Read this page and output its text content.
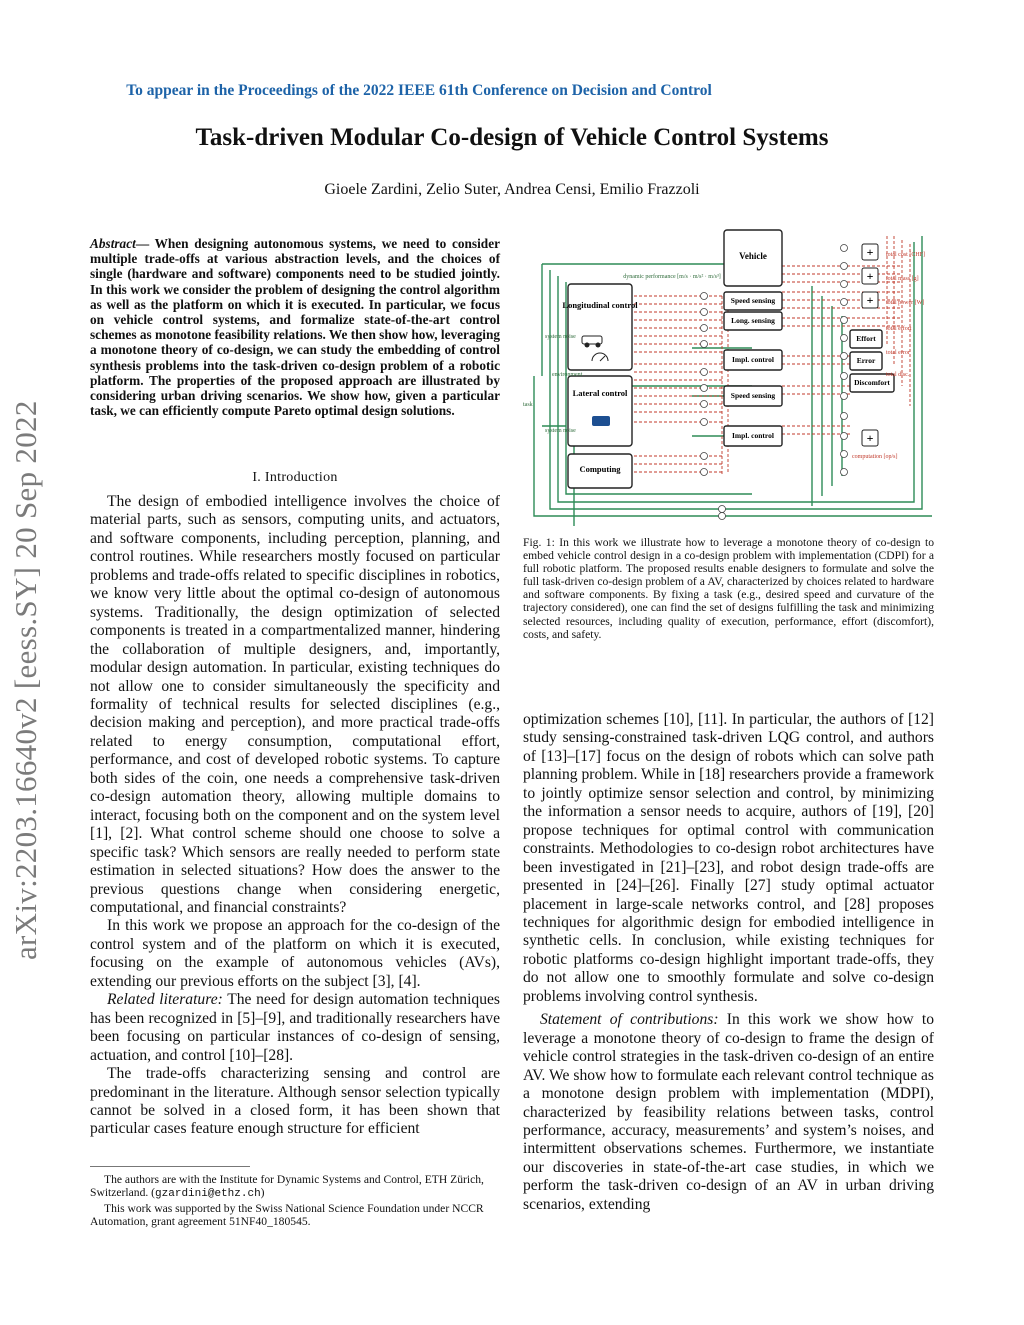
To appear in the Proceedings of the 2022 IEEE 61th Conference on Decision and Control
Task-driven Modular Co-design of Vehicle Control Systems
Gioele Zardini, Zelio Suter, Andrea Censi, Emilio Frazzoli
arXiv:2203.16640v2 [eess.SY] 20 Sep 2022
Abstract— When designing autonomous systems, we need to consider multiple trade-offs at various abstraction levels, and the choices of single (hardware and software) components need to be studied jointly. In this work we consider the problem of designing the control algorithm as well as the platform on which it is executed. In particular, we focus on vehicle control systems, and formalize state-of-the-art control schemes as monotone feasibility relations. We then show how, leveraging a monotone theory of co-design, we can study the embedding of control synthesis problems into the task-driven co-design problem of a robotic platform. The properties of the proposed approach are illustrated by considering urban driving scenarios. We show how, given a particular task, we can efficiently compute Pareto optimal design solutions.
I. Introduction

The design of embodied intelligence involves the choice of material parts, such as sensors, computing units, and actuators, and software components, including perception, planning, and control routines. While researchers mostly focused on particular problems and trade-offs related to specific disciplines in robotics, we know very little about the optimal co-design of autonomous systems. Traditionally, the design optimization of selected components is treated in a compartmentalized manner, hindering the collaboration of multiple designers, and, importantly, modular design automation. In particular, existing techniques do not allow one to consider simultaneously the specificity and formality of technical results for selected disciplines (e.g., decision making and perception), and more practical trade-offs related to energy consumption, computational effort, performance, and cost of developed robotic systems. To capture both sides of the coin, one needs a comprehensive task-driven co-design automation theory, allowing multiple domains to interact, focusing both on the component and on the system level [1], [2]. What control scheme should one choose to solve a specific task? Which sensors are really needed to perform state estimation in selected situations? How does the answer to the previous questions change when considering energetic, computational, and financial constraints?

In this work we propose an approach for the co-design of the control system and of the platform on which it is executed, focusing on the example of autonomous vehicles (AVs), extending our previous efforts on the subject [3], [4].

Related literature: The need for design automation techniques has been recognized in [5]–[9], and traditionally researchers have been focusing on particular instances of co-design of sensing, actuation, and control [10]–[28].

The trade-offs characterizing sensing and control are predominant in the literature. Although sensor selection typically cannot be solved in a closed form, it has been shown that particular cases feature enough structure for efficient

The authors are with the Institute for Dynamic Systems and Control, ETH Zürich, Switzerland. (gzardini@ethz.ch)

This work was supported by the Swiss National Science Foundation under NCCR Automation, grant agreement 51NF40_180545.

Vehicle
Longitudinal control
Lateral control
Computing
Speed sensing
Long. sensing
Impl. control
Speed sensing
Impl. control
Effort
Error
Discomfort
+
+
+
+
dynamic performance [m/s · m/s² · m/s³]
system noise
system noise
environment
task
total cost [CHF]
total mass [g]
total power [W]
total effort
total error
total disc.
computation [op/s]
Fig. 1: In this work we illustrate how to leverage a monotone theory of co-design to embed vehicle control design in a co-design problem with implementation (CDPI) for a full robotic platform. The proposed results enable designers to formulate and solve the full task-driven co-design problem of a AV, characterized by choices related to hardware and software components. By fixing a task (e.g., desired speed and curvature of the trajectory considered), one can find the set of designs fulfilling the task and minimizing selected resources, including quality of execution, performance, effort (discomfort), costs, and safety.

optimization schemes [10], [11]. In particular, the authors of [12] study sensing-constrained task-driven LQG control, and authors of [13]–[17] focus on the design of robots which can solve path planning problem. While in [18] researchers provide a framework to jointly optimize sensor selection and control, by minimizing the information a sensor needs to acquire, authors of [19], [20] propose techniques for optimal control with communication constraints. Methodologies to co-design robot architectures have been investigated in [21]–[23], and robot design trade-offs are presented in [24]–[26]. Finally [27] study optimal actuator placement in large-scale networks control, and [28] proposes techniques for algorithmic design for embodied intelligence in synthetic cells. In conclusion, while existing techniques for robotic platforms co-design highlight important trade-offs, they do not allow one to smoothly formulate and solve co-design problems involving control synthesis.

Statement of contributions: In this work we show how to leverage a monotone theory of co-design to frame the design of vehicle control strategies in the task-driven co-design of an entire AV. We show how to formulate each relevant control technique as a monotone design problem with implementation (MDPI), characterized by feasibility relations between tasks, control performance, accuracy, measurements’ and system’s noises, and intermittent observations schemes. Furthermore, we instantiate our discoveries in state-of-the-art case studies, in which we perform the task-driven co-design of an AV in urban driving scenarios, extending
